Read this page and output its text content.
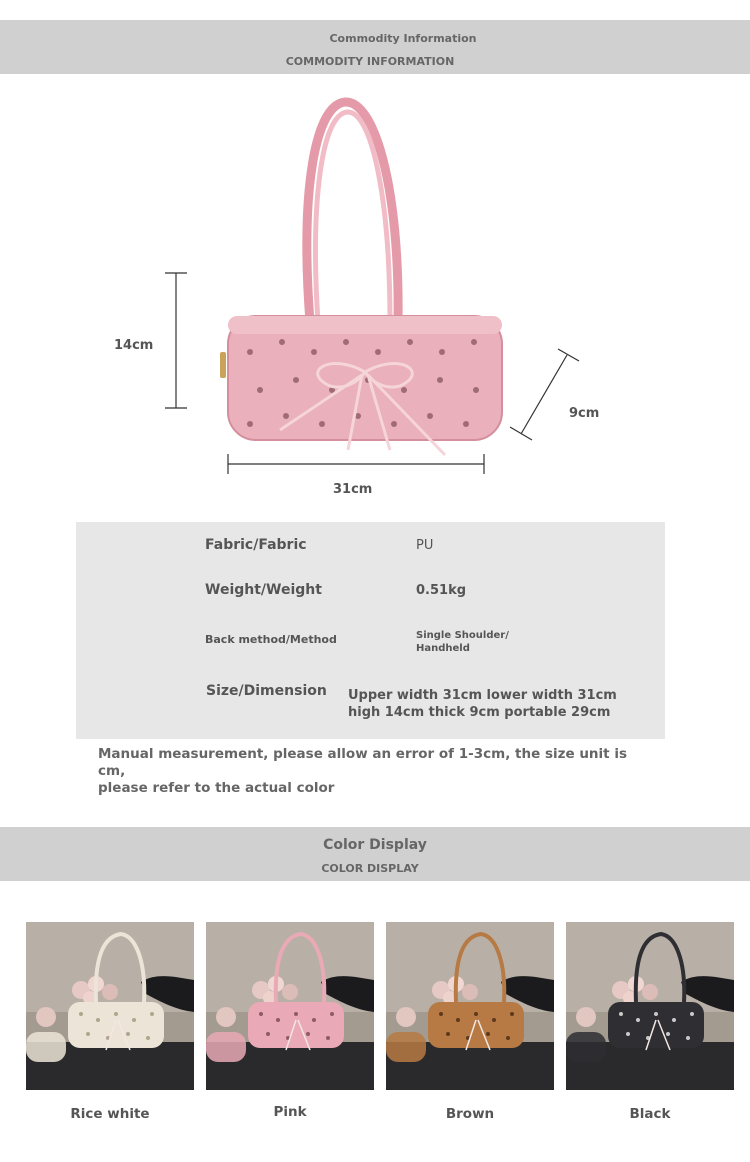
Commodity Information
COMMODITY INFORMATION
14cm
9cm
31cm
Fabric/Fabric	PU
Weight/Weight	0.51kg
Back method/Method	Single Shoulder/ Handheld
Size/Dimension Upper width 31cm lower width 31cm
high 14cm thick 9cm portable 29cm
Manual measurement, please allow an error of 1-3cm, the size unit is cm,
please refer to the actual color
Color Display
COLOR DISPLAY
Rice white	Pink	Brown	Black
